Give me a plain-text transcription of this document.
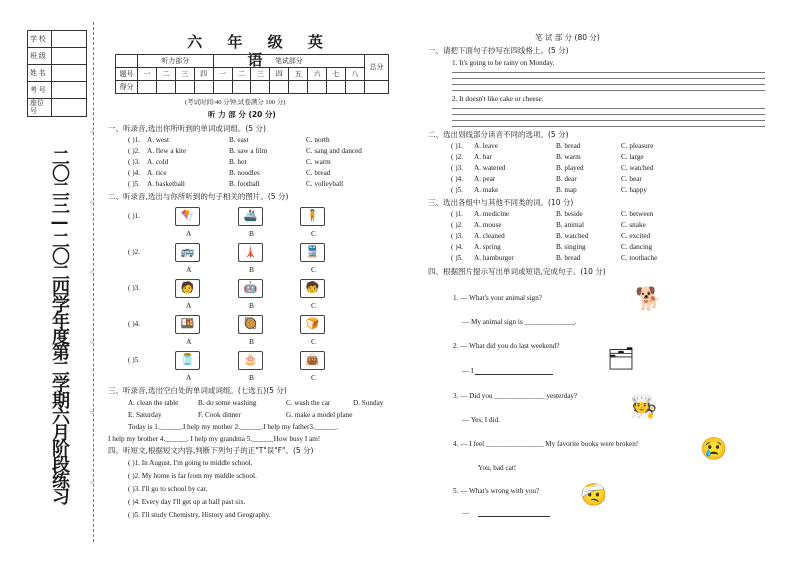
学 校	
班 级	
姓 名	
考 号	
座位号	
二〇二三—二〇二四学年度第二学期六月阶段练习
○
○
○
○
○
○
六 年 级 英 语
	听力部分				笔试部分								总分
题号	一	二	三	四	一	二	三	四	五	六	七	八	
得分													
(考试时间:40 分钟,试卷满分 100 分)
听 力 部 分 (20 分)
一、听录音,选出你所听到的单词或词组。(5 分)
( )1. A. west	B. east	C. north
( )2. A. flew a kite	B. saw a film	C. sang and danced
( )3. A. cold	B. hot	C. warm
( )4. A. rice	B. noodles	C. bread
( )5. A. basketball	B. football	C. volleyball
二、听录音,选出与你所听到的句子相关的图片。(5 分)
( )1.	🪁	🚢	🧍
A	B	C
( )2.	🚌	🗼	🚆
A	B	C
( )3.	🧑	🤖	🧒
A	B	C
( )4.	🍱	🥘	🍞
A	B	C
( )5.	🫙	🎂	👜
A	B	C
三、听录音,选出空白处的单词或词组。(七选五)(5 分)
A. clean the table	B. do some washing	C. wash the car	D. Sunday
E. Saturday	F. Cook dinner	G. make a model plane
Today is 1.______.I help my mother 2.______.I help my father3.______.
I help my brother 4.______. I help my grandma 5.______How busy I am!
四、听短文,根据短文内容,判断下列句子的正"T"误"F"。(5 分)
( )1. In August, I'm going to middle school.
( )2. My home is far from my middle school.
( )3. I'll go to school by car.
( )4. Every day I'll get up at half past six.
( )5. I'll study Chemistry, History and Geography.
笔 试 部 分 (80 分)
一、请把下面句子抄写在四线格上。(5 分)
1. It's going to be rainy on Monday.
2. It doesn't like cake or cheese.
二、选出划线部分读音不同的选项。(5 分)
( )1. A. leave	B. bread	C. pleasure
( )2. A. bar	B. warm	C. large
( )3. A. watered	B. played	C. watched
( )4. A. pear	B. dear	C. bear
( )5. A. make	B. map	C. happy
三、选出各组中与其他不同类的词。(10 分)
( )1. A. medicine	B. beside	C. between
( )2. A. mouse	B. animal	C. snake
( )3. A. cleaned	B. watched	C. excited
( )4. A. spring	B. singing	C. dancing
( )5. A. hamburger	B. bread	C. toothache
四、根据图片提示写出单词或短语,完成句子。(10 分)
1. — What's your animal sign?	🐕
— My animal sign is ______________.
2. — What did you do last weekend? 🗂
— I
3. — Did you ______________ yesterday? 🧑‍🍳
— Yes, I did.
4. — I feel ________________ My favorite books were broken!	😢
You, bad cat!
5. — What's wrong with you? 🤕
—
